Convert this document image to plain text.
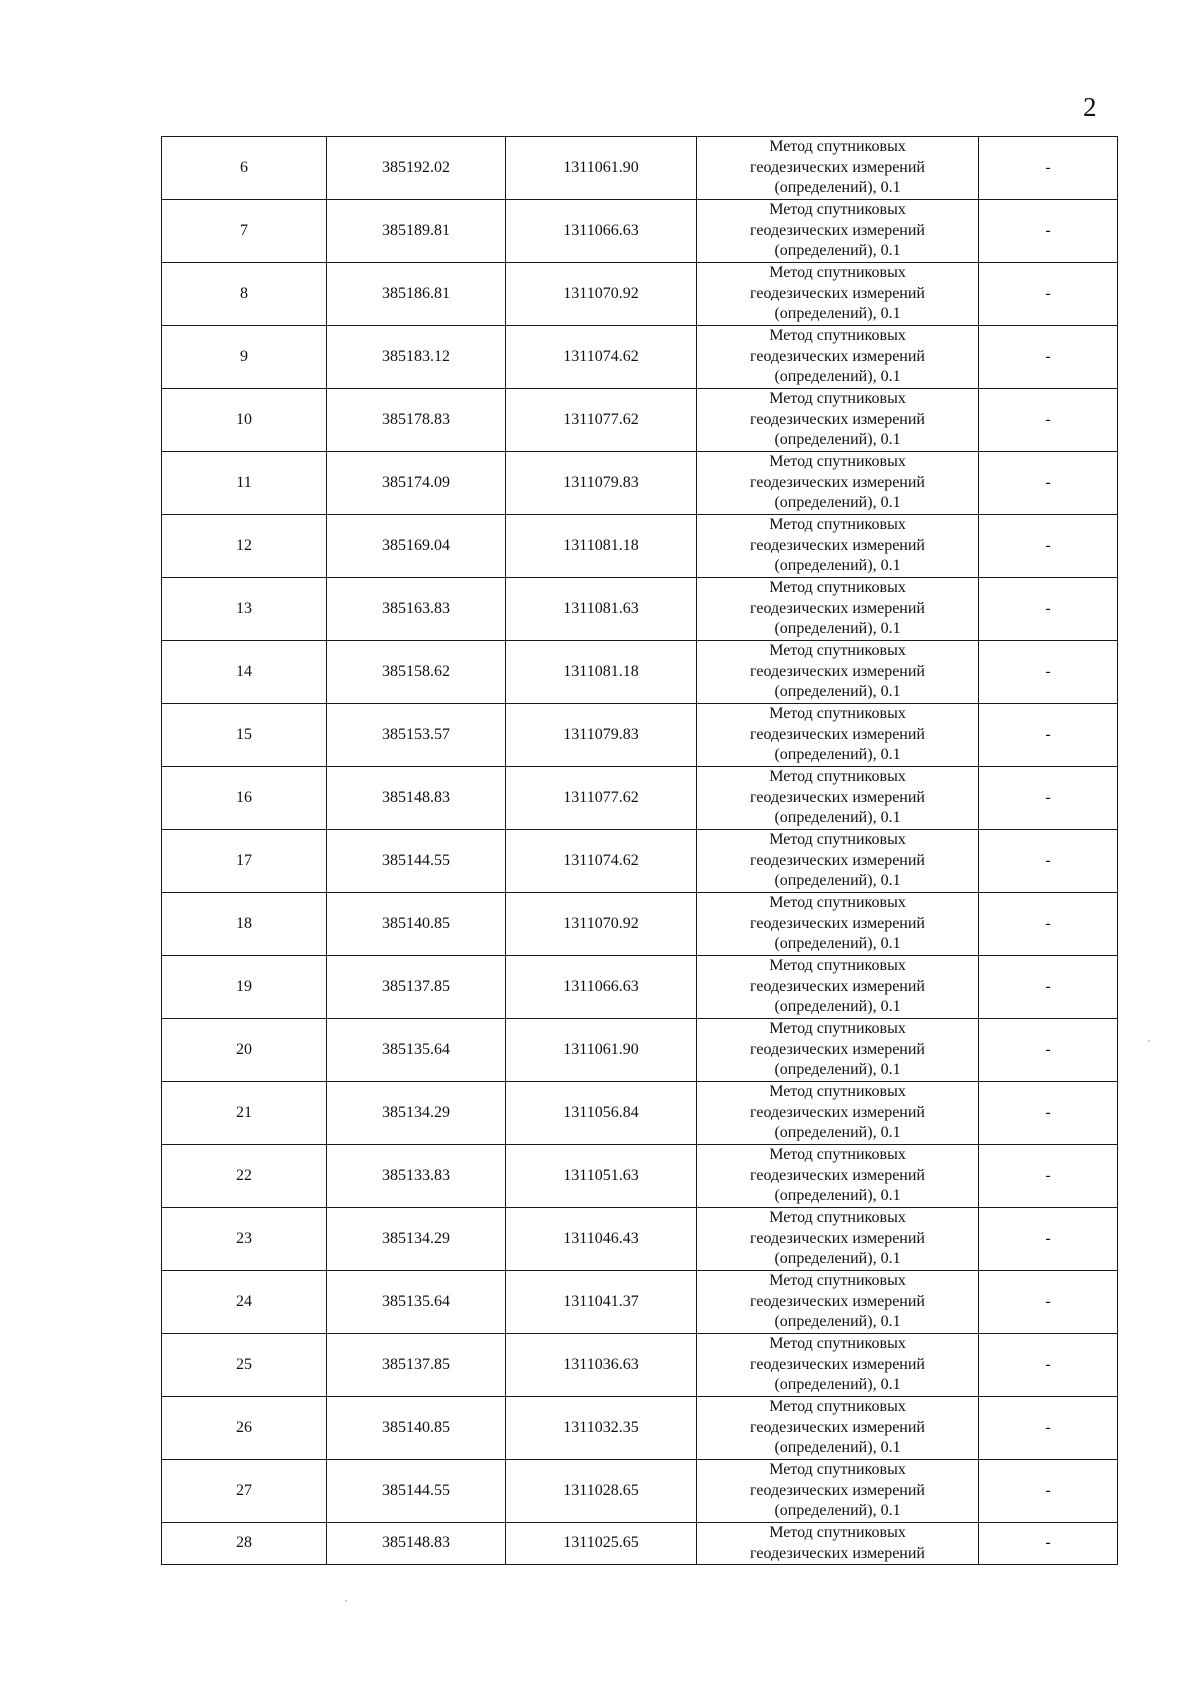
2
6	385192.02	1311061.90	Метод спутниковых
геодезических измерений
(определений), 0.1	-
7	385189.81	1311066.63	Метод спутниковых
геодезических измерений
(определений), 0.1	-
8	385186.81	1311070.92	Метод спутниковых
геодезических измерений
(определений), 0.1	-
9	385183.12	1311074.62	Метод спутниковых
геодезических измерений
(определений), 0.1	-
10	385178.83	1311077.62	Метод спутниковых
геодезических измерений
(определений), 0.1	-
11	385174.09	1311079.83	Метод спутниковых
геодезических измерений
(определений), 0.1	-
12	385169.04	1311081.18	Метод спутниковых
геодезических измерений
(определений), 0.1	-
13	385163.83	1311081.63	Метод спутниковых
геодезических измерений
(определений), 0.1	-
14	385158.62	1311081.18	Метод спутниковых
геодезических измерений
(определений), 0.1	-
15	385153.57	1311079.83	Метод спутниковых
геодезических измерений
(определений), 0.1	-
16	385148.83	1311077.62	Метод спутниковых
геодезических измерений
(определений), 0.1	-
17	385144.55	1311074.62	Метод спутниковых
геодезических измерений
(определений), 0.1	-
18	385140.85	1311070.92	Метод спутниковых
геодезических измерений
(определений), 0.1	-
19	385137.85	1311066.63	Метод спутниковых
геодезических измерений
(определений), 0.1	-
20	385135.64	1311061.90	Метод спутниковых
геодезических измерений
(определений), 0.1	-
21	385134.29	1311056.84	Метод спутниковых
геодезических измерений
(определений), 0.1	-
22	385133.83	1311051.63	Метод спутниковых
геодезических измерений
(определений), 0.1	-
23	385134.29	1311046.43	Метод спутниковых
геодезических измерений
(определений), 0.1	-
24	385135.64	1311041.37	Метод спутниковых
геодезических измерений
(определений), 0.1	-
25	385137.85	1311036.63	Метод спутниковых
геодезических измерений
(определений), 0.1	-
26	385140.85	1311032.35	Метод спутниковых
геодезических измерений
(определений), 0.1	-
27	385144.55	1311028.65	Метод спутниковых
геодезических измерений
(определений), 0.1	-
28	385148.83	1311025.65	Метод спутниковых
геодезических измерений	-
